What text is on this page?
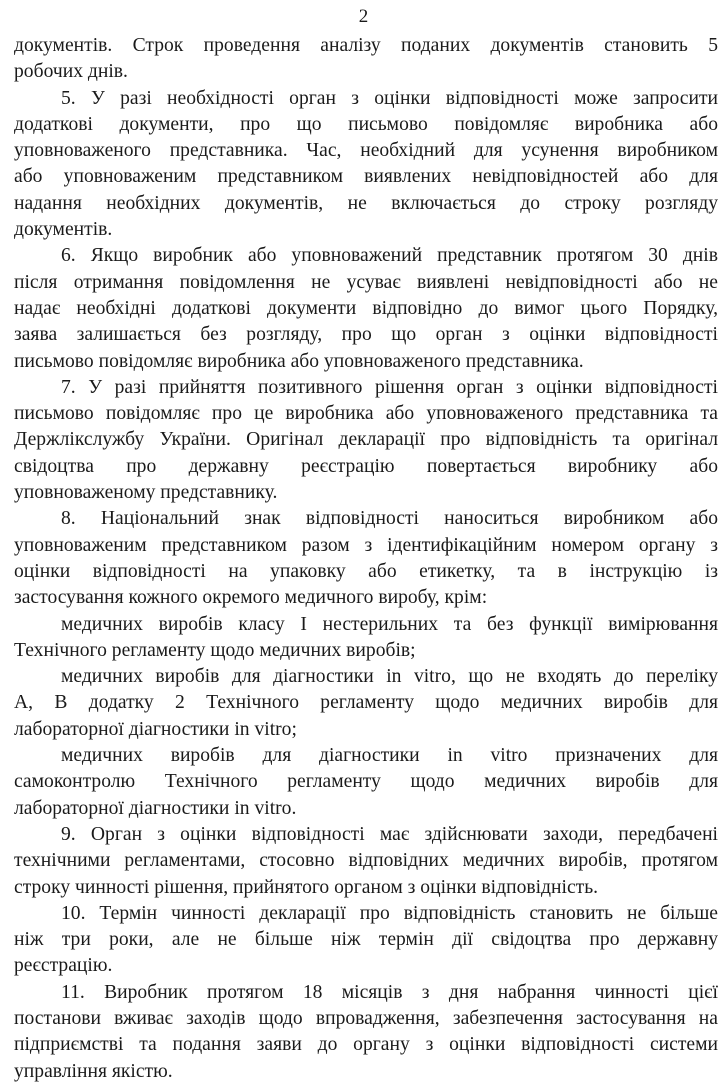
2
документів. Строк проведення аналізу поданих документів становить 5
робочих днів.
5. У разі необхідності орган з оцінки відповідності може запросити
додаткові документи, про що письмово повідомляє виробника або
уповноваженого представника. Час, необхідний для усунення виробником
або уповноваженим представником виявлених невідповідностей або для
надання необхідних документів, не включається до строку розгляду
документів.
6. Якщо виробник або уповноважений представник протягом 30 днів
після отримання повідомлення не усуває виявлені невідповідності або не
надає необхідні додаткові документи відповідно до вимог цього Порядку,
заява залишається без розгляду, про що орган з оцінки відповідності
письмово повідомляє виробника або уповноваженого представника.
7. У разі прийняття позитивного рішення орган з оцінки відповідності
письмово повідомляє про це виробника або уповноваженого представника та
Держлікслужбу України. Оригінал декларації про відповідність та оригінал
свідоцтва про державну реєстрацію повертається виробнику або
уповноваженому представнику.
8. Національний знак відповідності наноситься виробником або
уповноваженим представником разом з ідентифікаційним номером органу з
оцінки відповідності на упаковку або етикетку, та в інструкцію із
застосування кожного окремого медичного виробу, крім:
медичних виробів класу І нестерильних та без функції вимірювання
Технічного регламенту щодо медичних виробів;
медичних виробів для діагностики in vitro, що не входять до переліку
А, В додатку 2 Технічного регламенту щодо медичних виробів для
лабораторної діагностики in vitro;
медичних виробів для діагностики in vitro призначених для
самоконтролю Технічного регламенту щодо медичних виробів для
лабораторної діагностики in vitro.
9. Орган з оцінки відповідності має здійснювати заходи, передбачені
технічними регламентами, стосовно відповідних медичних виробів, протягом
строку чинності рішення, прийнятого органом з оцінки відповідність.
10. Термін чинності декларації про відповідність становить не більше
ніж три роки, але не більше ніж термін дії свідоцтва про державну
реєстрацію.
11. Виробник протягом 18 місяців з дня набрання чинності цієї
постанови вживає заходів щодо впровадження, забезпечення застосування на
підприємстві та подання заяви до органу з оцінки відповідності системи
управління якістю.
